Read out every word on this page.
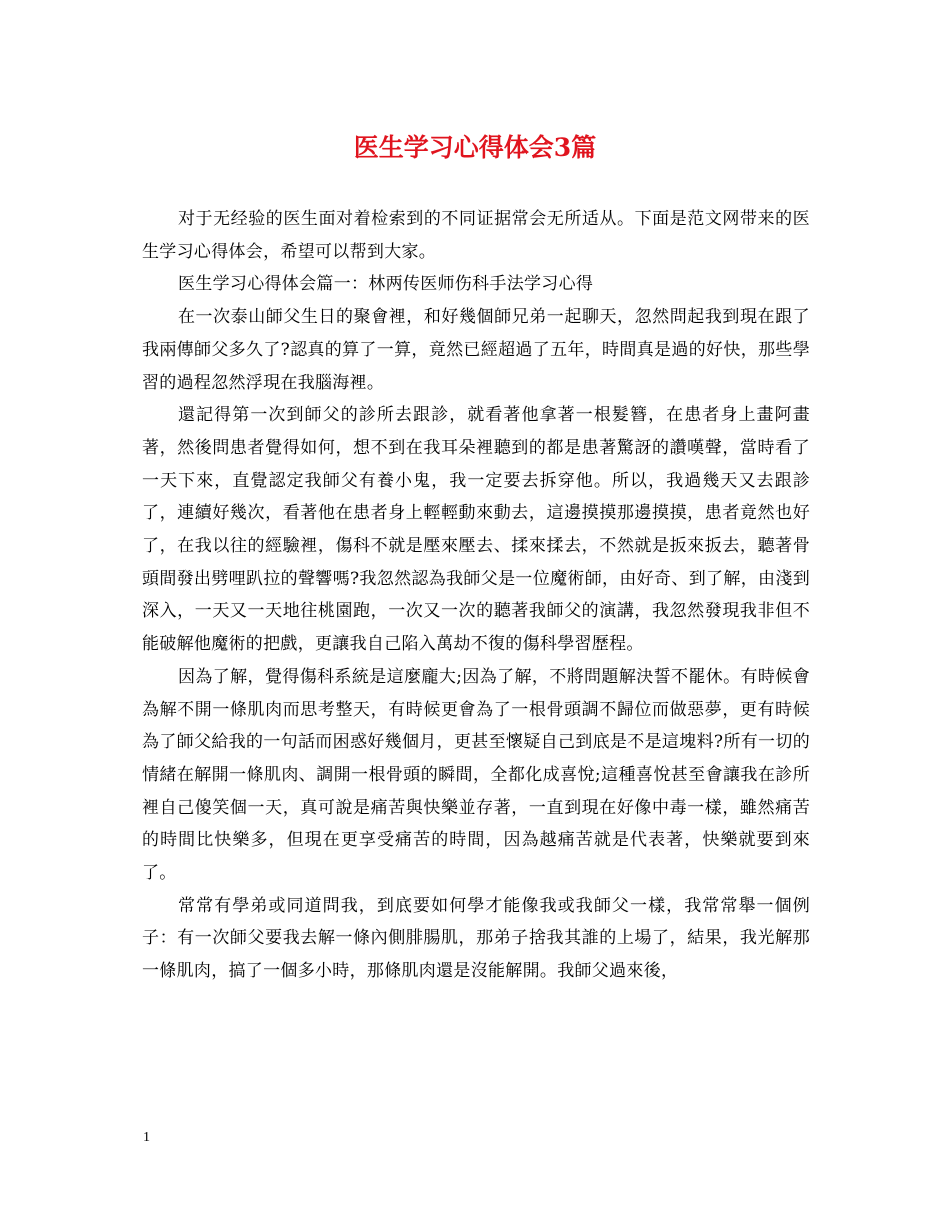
医生学习心得体会3篇

对于无经验的医生面对着检索到的不同证据常会无所适从。下面是范文网带来的医生学习心得体会，希望可以帮到大家。

医生学习心得体会篇一：林两传医师伤科手法学习心得

在一次泰山師父生日的聚會裡，和好幾個師兄弟一起聊天，忽然問起我到現在跟了我兩傳師父多久了?認真的算了一算，竟然已經超過了五年，時間真是過的好快，那些學習的過程忽然浮現在我腦海裡。

還記得第一次到師父的診所去跟診，就看著他拿著一根髮簪，在患者身上畫阿畫著，然後問患者覺得如何，想不到在我耳朵裡聽到的都是患著驚訝的讚嘆聲，當時看了一天下來，直覺認定我師父有養小鬼，我一定要去拆穿他。所以，我過幾天又去跟診了，連續好幾次，看著他在患者身上輕輕動來動去，這邊摸摸那邊摸摸，患者竟然也好了，在我以往的經驗裡，傷科不就是壓來壓去、揉來揉去，不然就是扳來扳去，聽著骨頭間發出劈哩趴拉的聲響嗎?我忽然認為我師父是一位魔術師，由好奇、到了解，由淺到深入，一天又一天地往桃園跑，一次又一次的聽著我師父的演講，我忽然發現我非但不能破解他魔術的把戲，更讓我自己陷入萬劫不復的傷科學習歷程。

因為了解，覺得傷科系統是這麼龐大;因為了解，不將問題解決誓不罷休。有時候會為解不開一條肌肉而思考整天，有時候更會為了一根骨頭調不歸位而做惡夢，更有時候為了師父給我的一句話而困惑好幾個月，更甚至懷疑自己到底是不是這塊料?所有一切的情緒在解開一條肌肉、調開一根骨頭的瞬間，全都化成喜悅;這種喜悅甚至會讓我在診所裡自己傻笑個一天，真可說是痛苦與快樂並存著，一直到現在好像中毒一樣，雖然痛苦的時間比快樂多，但現在更享受痛苦的時間，因為越痛苦就是代表著，快樂就要到來了。

常常有學弟或同道問我，到底要如何學才能像我或我師父一樣，我常常舉一個例子：有一次師父要我去解一條內側腓腸肌，那弟子捨我其誰的上場了，結果，我光解那一條肌肉，搞了一個多小時，那條肌肉還是沒能解開。我師父過來後，

1
